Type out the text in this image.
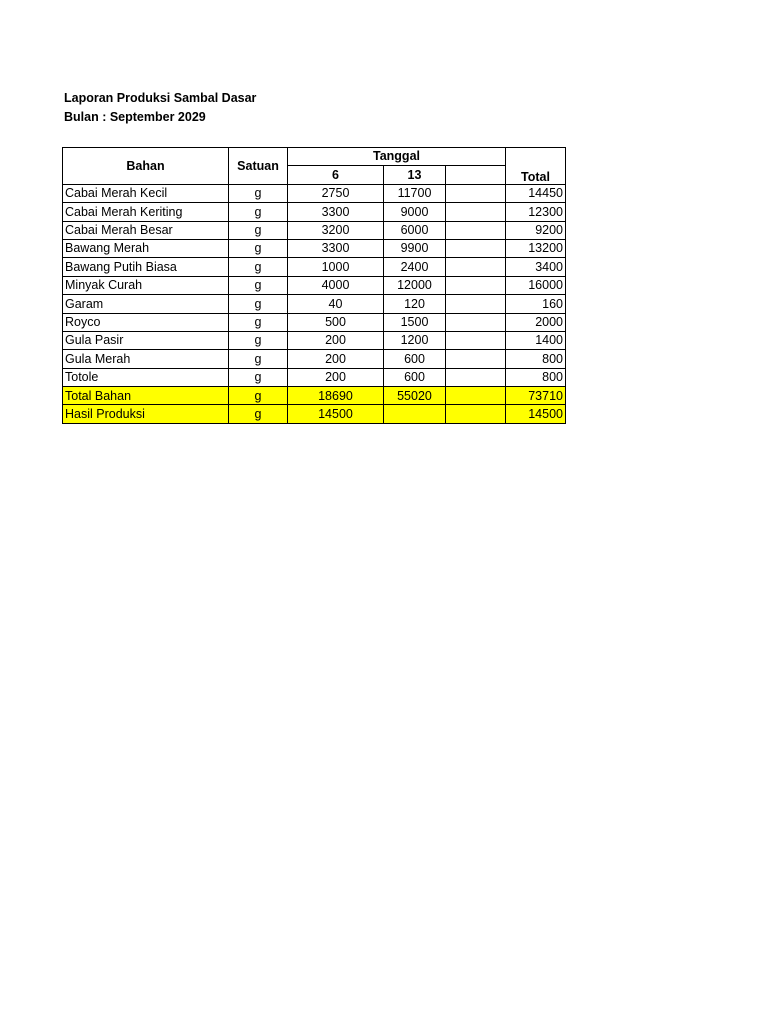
Laporan Produksi Sambal Dasar
Bulan : September 2029
Bahan	Satuan	Tanggal			Total
		6	13		
Cabai Merah Kecil	g	2750	11700		14450
Cabai Merah Keriting	g	3300	9000		12300
Cabai Merah Besar	g	3200	6000		9200
Bawang Merah	g	3300	9900		13200
Bawang Putih Biasa	g	1000	2400		3400
Minyak Curah	g	4000	12000		16000
Garam	g	40	120		160
Royco	g	500	1500		2000
Gula Pasir	g	200	1200		1400
Gula Merah	g	200	600		800
Totole	g	200	600		800
Total Bahan	g	18690	55020		73710
Hasil Produksi	g	14500			14500
